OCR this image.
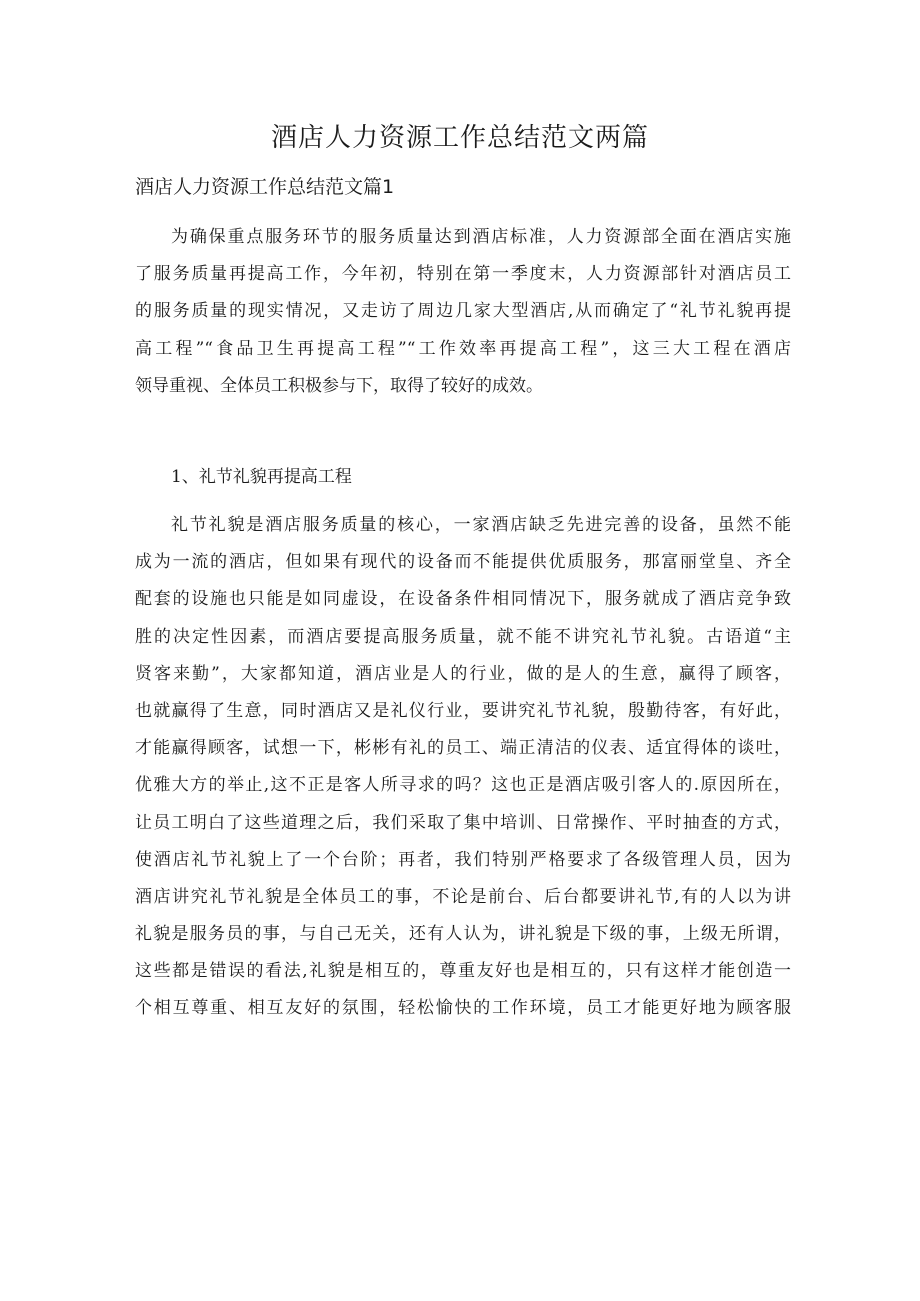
酒店人力资源工作总结范文两篇
酒店人力资源工作总结范文篇1
为确保重点服务环节的服务质量达到酒店标准，人力资源部全面在酒店实施
了服务质量再提高工作，今年初，特别在第一季度末，人力资源部针对酒店员工
的服务质量的现实情况，又走访了周边几家大型酒店,从而确定了“礼节礼貌再提
高工程”“食品卫生再提高工程”“工作效率再提高工程”，这三大工程在酒店
领导重视、全体员工积极参与下，取得了较好的成效。
1、礼节礼貌再提高工程
礼节礼貌是酒店服务质量的核心，一家酒店缺乏先进完善的设备，虽然不能
成为一流的酒店，但如果有现代的设备而不能提供优质服务，那富丽堂皇、齐全
配套的设施也只能是如同虚设，在设备条件相同情况下，服务就成了酒店竞争致
胜的决定性因素，而酒店要提高服务质量，就不能不讲究礼节礼貌。古语道“主
贤客来勤”，大家都知道，酒店业是人的行业，做的是人的生意，赢得了顾客，
也就赢得了生意，同时酒店又是礼仪行业，要讲究礼节礼貌，殷勤待客，有好此，
才能赢得顾客，试想一下，彬彬有礼的员工、端正清洁的仪表、适宜得体的谈吐，
优雅大方的举止,这不正是客人所寻求的吗？这也正是酒店吸引客人的.原因所在，
让员工明白了这些道理之后，我们采取了集中培训、日常操作、平时抽查的方式，
使酒店礼节礼貌上了一个台阶；再者，我们特别严格要求了各级管理人员，因为
酒店讲究礼节礼貌是全体员工的事，不论是前台、后台都要讲礼节,有的人以为讲
礼貌是服务员的事，与自己无关，还有人认为，讲礼貌是下级的事，上级无所谓，
这些都是错误的看法,礼貌是相互的，尊重友好也是相互的，只有这样才能创造一
个相互尊重、相互友好的氛围，轻松愉快的工作环境，员工才能更好地为顾客服
